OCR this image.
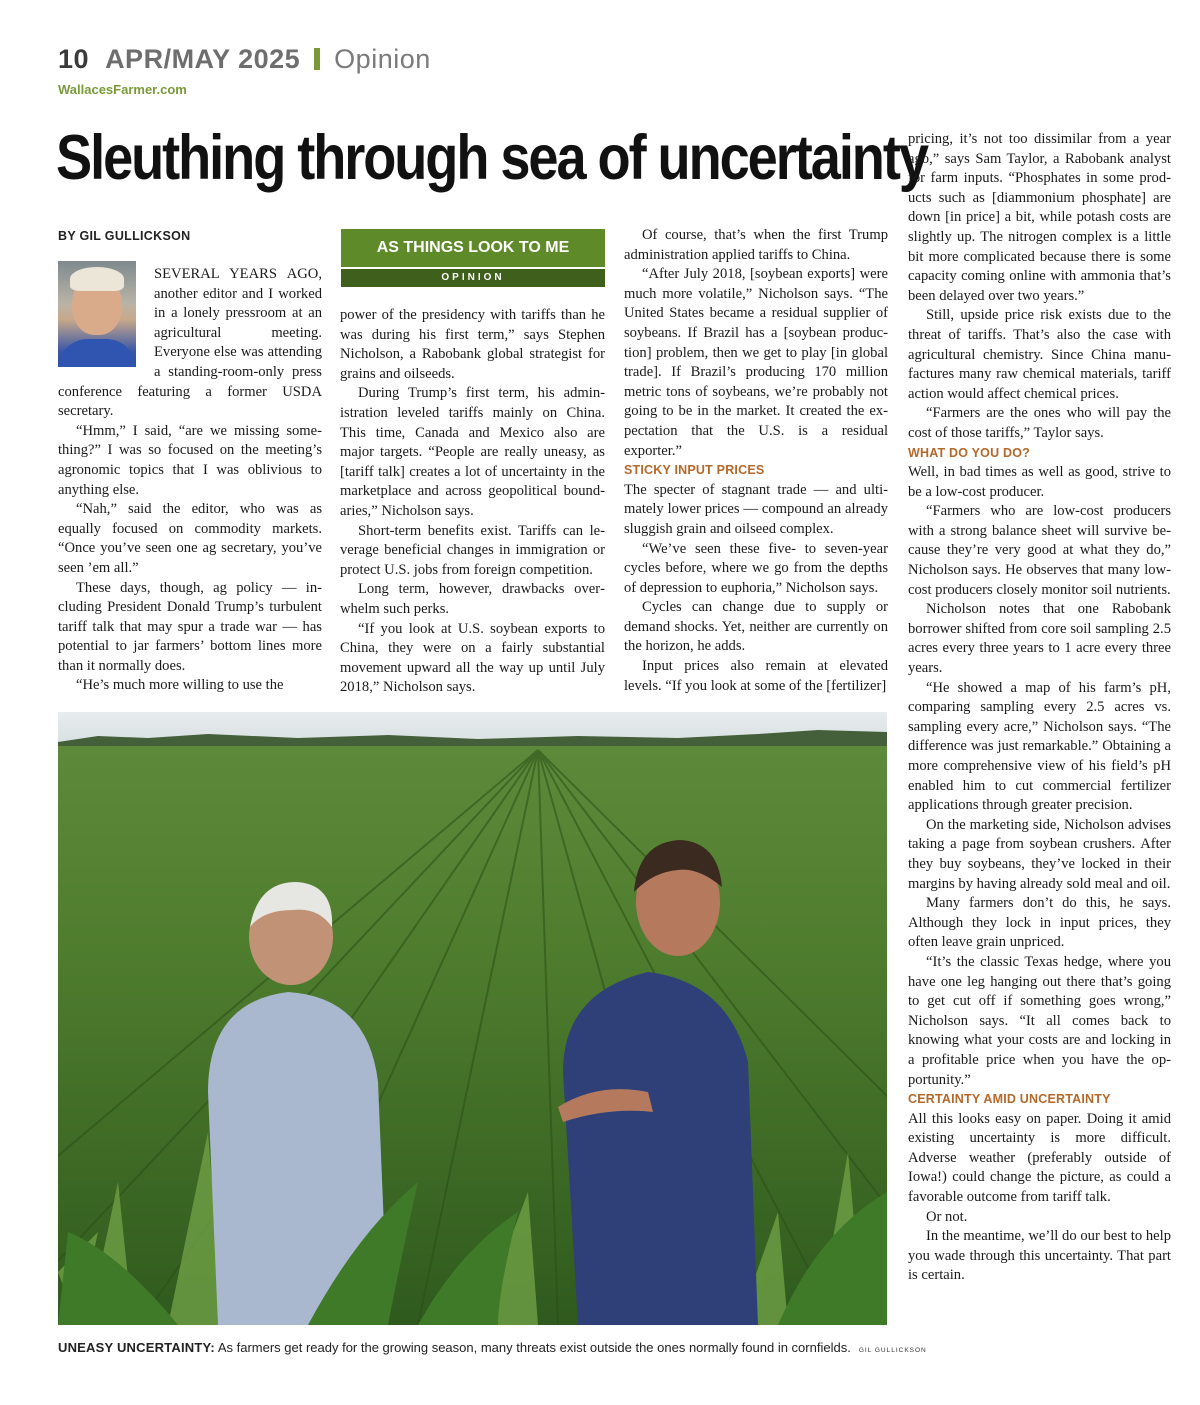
10 APR/MAY 2025 Opinion
WallacesFarmer.com
Sleuthing through sea of uncertainty
BY GIL GULLICKSON

SEVERAL YEARS AGO, another editor and I worked in a lonely pressroom at an agricultural meeting. Everyone else was attending a standing-room-only press conference featuring a former USDA secretary.

“Hmm,” I said, “are we missing something?” I was so focused on the meeting’s agronomic topics that I was oblivious to anything else.

“Nah,” said the editor, who was as equally focused on commodity markets. “Once you’ve seen one ag secretary, you’ve seen ’em all.”

These days, though, ag policy — including President Donald Trump’s turbulent tariff talk that may spur a trade war — has potential to jar farmers’ bottom lines more than it normally does.

“He’s much more willing to use the

AS THINGS LOOK TO ME
OPINION

power of the presidency with tariffs than he was during his first term,” says Stephen Nicholson, a Rabobank global strategist for grains and oilseeds.

During Trump’s first term, his administration leveled tariffs mainly on China. This time, Canada and Mexico also are major targets. “People are really uneasy, as [tariff talk] creates a lot of uncertainty in the marketplace and across geopolitical boundaries,” Nicholson says.

Short-term benefits exist. Tariffs can leverage beneficial changes in immigration or protect U.S. jobs from foreign competition.

Long term, however, drawbacks overwhelm such perks.

“If you look at U.S. soybean exports to China, they were on a fairly substantial movement upward all the way up until July 2018,” Nicholson says.

Of course, that’s when the first Trump administration applied tariffs to China.

“After July 2018, [soybean exports] were much more volatile,” Nicholson says. “The United States became a residual supplier of soybeans. If Brazil has a [soybean production] problem, then we get to play [in global trade]. If Brazil’s producing 170 million metric tons of soybeans, we’re probably not going to be in the market. It created the expectation that the U.S. is a residual exporter.”

STICKY INPUT PRICES

The specter of stagnant trade — and ultimately lower prices — compound an already sluggish grain and oilseed complex.

“We’ve seen these five- to seven-year cycles before, where we go from the depths of depression to euphoria,” Nicholson says.

Cycles can change due to supply or demand shocks. Yet, neither are currently on the horizon, he adds.

Input prices also remain at elevated levels. “If you look at some of the [fertilizer]

pricing, it’s not too dissimilar from a year ago,” says Sam Taylor, a Rabobank analyst for farm inputs. “Phosphates in some products such as [diammonium phosphate] are down [in price] a bit, while potash costs are slightly up. The nitrogen complex is a little bit more complicated because there is some capacity coming online with ammonia that’s been delayed over two years.”

Still, upside price risk exists due to the threat of tariffs. That’s also the case with agricultural chemistry. Since China manufactures many raw chemical materials, tariff action would affect chemical prices.

“Farmers are the ones who will pay the cost of those tariffs,” Taylor says.

WHAT DO YOU DO?

Well, in bad times as well as good, strive to be a low-cost producer.

“Farmers who are low-cost producers with a strong balance sheet will survive because they’re very good at what they do,” Nicholson says. He observes that many low-cost producers closely monitor soil nutrients.

Nicholson notes that one Rabobank borrower shifted from core soil sampling 2.5 acres every three years to 1 acre every three years.

“He showed a map of his farm’s pH, comparing sampling every 2.5 acres vs. sampling every acre,” Nicholson says. “The difference was just remarkable.” Obtaining a more comprehensive view of his field’s pH enabled him to cut commercial fertilizer applications through greater precision.

On the marketing side, Nicholson advises taking a page from soybean crushers. After they buy soybeans, they’ve locked in their margins by having already sold meal and oil.

Many farmers don’t do this, he says. Although they lock in input prices, they often leave grain unpriced.

“It’s the classic Texas hedge, where you have one leg hanging out there that’s going to get cut off if something goes wrong,” Nicholson says. “It all comes back to knowing what your costs are and locking in a profitable price when you have the opportunity.”

CERTAINTY AMID UNCERTAINTY

All this looks easy on paper. Doing it amid existing uncertainty is more difficult. Adverse weather (preferably outside of Iowa!) could change the picture, as could a favorable outcome from tariff talk.

Or not.

In the meantime, we’ll do our best to help you wade through this uncertainty. That part is certain.

UNEASY UNCERTAINTY: As farmers get ready for the growing season, many threats exist outside the ones normally found in cornfields. GIL GULLICKSON
